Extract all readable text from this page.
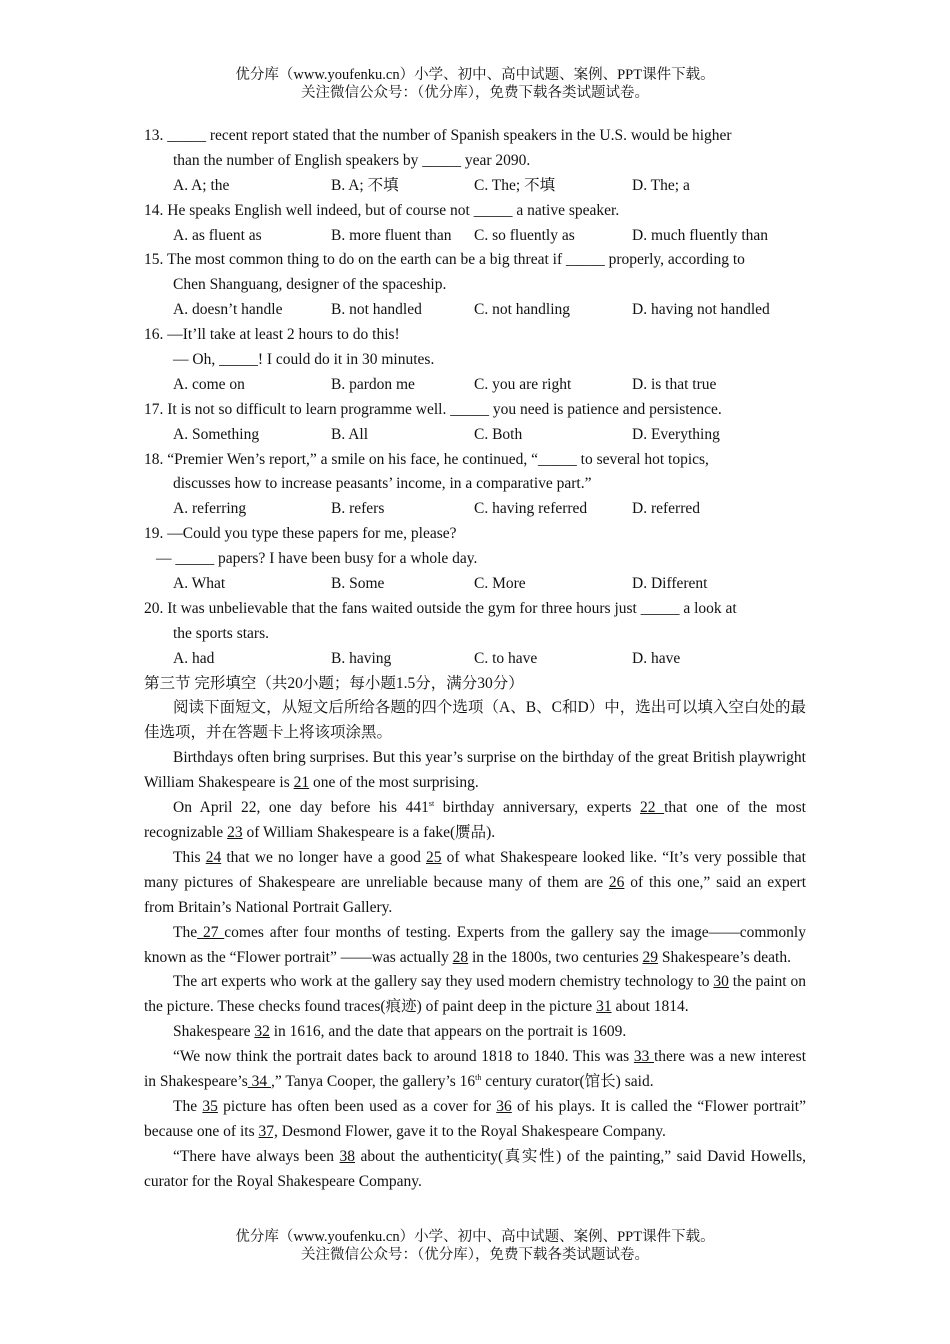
优分库（www.youfenku.cn）小学、初中、高中试题、案例、PPT课件下载。
关注微信公众号：（优分库），免费下载各类试题试卷。
13. _____ recent report stated that the number of Spanish speakers in the U.S. would be higher
than the number of English speakers by _____ year 2090.
A. A; the	B. A; 不填	C. The; 不填	D. The; a
14. He speaks English well indeed, but of course not _____ a native speaker.
A. as fluent as	B. more fluent than C. so fluently as	D. much fluently than
15. The most common thing to do on the earth can be a big threat if _____ properly, according to
Chen Shanguang, designer of the spaceship.
A. doesn’t handle	B. not handled	C. not handling	D. having not handled
16. —It’ll take at least 2 hours to do this!
— Oh, _____! I could do it in 30 minutes.
A. come on	B. pardon me	C. you are right	D. is that true
17. It is not so difficult to learn programme well. _____ you need is patience and persistence.
A. Something	B. All	C. Both	D. Everything
18. “Premier Wen’s report,” a smile on his face, he continued, “_____ to several hot topics,
discusses how to increase peasants’ income, in a comparative part.”
A. referring	B. refers	C. having referred	D. referred
19. —Could you type these papers for me, please?
— _____ papers? I have been busy for a whole day.
A. What	B. Some	C. More	D. Different
20. It was unbelievable that the fans waited outside the gym for three hours just _____ a look at
the sports stars.
A. had	B. having	C. to have	D. have
第三节 完形填空（共20小题；每小题1.5分，满分30分）
阅读下面短文，从短文后所给各题的四个选项（A、B、C和D）中，选出可以填入空白处的最佳选项，并在答题卡上将该项涂黑。
Birthdays often bring surprises. But this year’s surprise on the birthday of the great British playwright William Shakespeare is 21 one of the most surprising.
On April 22, one day before his 441st birthday anniversary, experts 22 that one of the most recognizable 23 of William Shakespeare is a fake(赝品).
This 24 that we no longer have a good 25 of what Shakespeare looked like. “It’s very possible that many pictures of Shakespeare are unreliable because many of them are 26 of this one,” said an expert from Britain’s National Portrait Gallery.
The 27 comes after four months of testing. Experts from the gallery say the image——commonly known as the “Flower portrait” ——was actually 28 in the 1800s, two centuries 29 Shakespeare’s death.
The art experts who work at the gallery say they used modern chemistry technology to 30 the paint on the picture. These checks found traces(痕迹) of paint deep in the picture 31 about 1814.
Shakespeare 32 in 1616, and the date that appears on the portrait is 1609.
“We now think the portrait dates back to around 1818 to 1840. This was 33 there was a new interest in Shakespeare’s 34 ,” Tanya Cooper, the gallery’s 16th century curator(馆长) said.
The 35 picture has often been used as a cover for 36 of his plays. It is called the “Flower portrait” because one of its 37, Desmond Flower, gave it to the Royal Shakespeare Company.
“There have always been 38 about the authenticity(真实性) of the painting,” said David Howells, curator for the Royal Shakespeare Company.
优分库（www.youfenku.cn）小学、初中、高中试题、案例、PPT课件下载。
关注微信公众号：（优分库），免费下载各类试题试卷。
